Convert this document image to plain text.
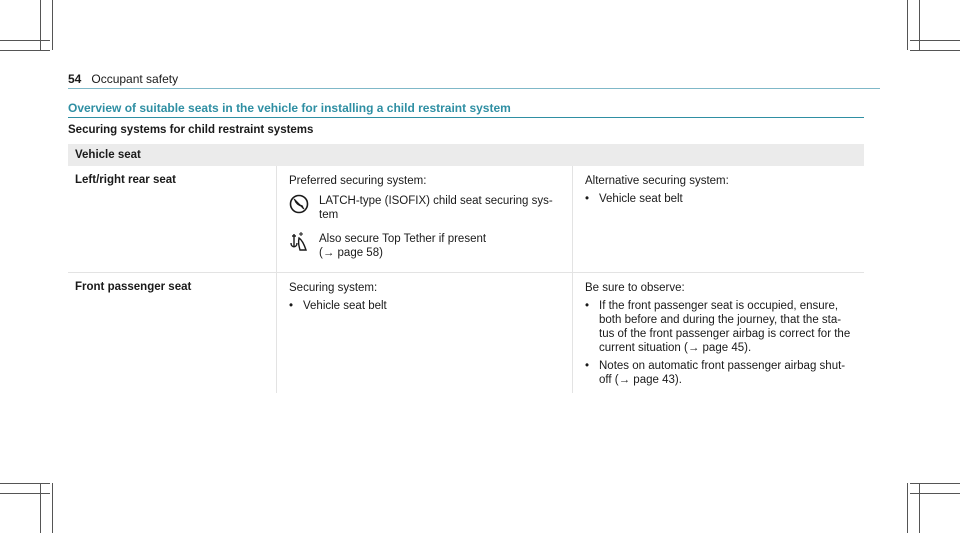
54 Occupant safety
Overview of suitable seats in the vehicle for installing a child restraint system
Securing systems for child restraint systems
Vehicle seat
Left/right rear seat	Preferred securing system:
LATCH-type (ISOFIX) child seat securing sys-
tem
Also secure Top Tether if present
(→ page 58)
Alternative securing system:
• Vehicle seat belt
Front passenger seat	Securing system:
• Vehicle seat belt
Be sure to observe:
• If the front passenger seat is occupied, ensure,
both before and during the journey, that the sta-
tus of the front passenger airbag is correct for the
current situation (→ page 45).
• Notes on automatic front passenger airbag shut-
off (→ page 43).
